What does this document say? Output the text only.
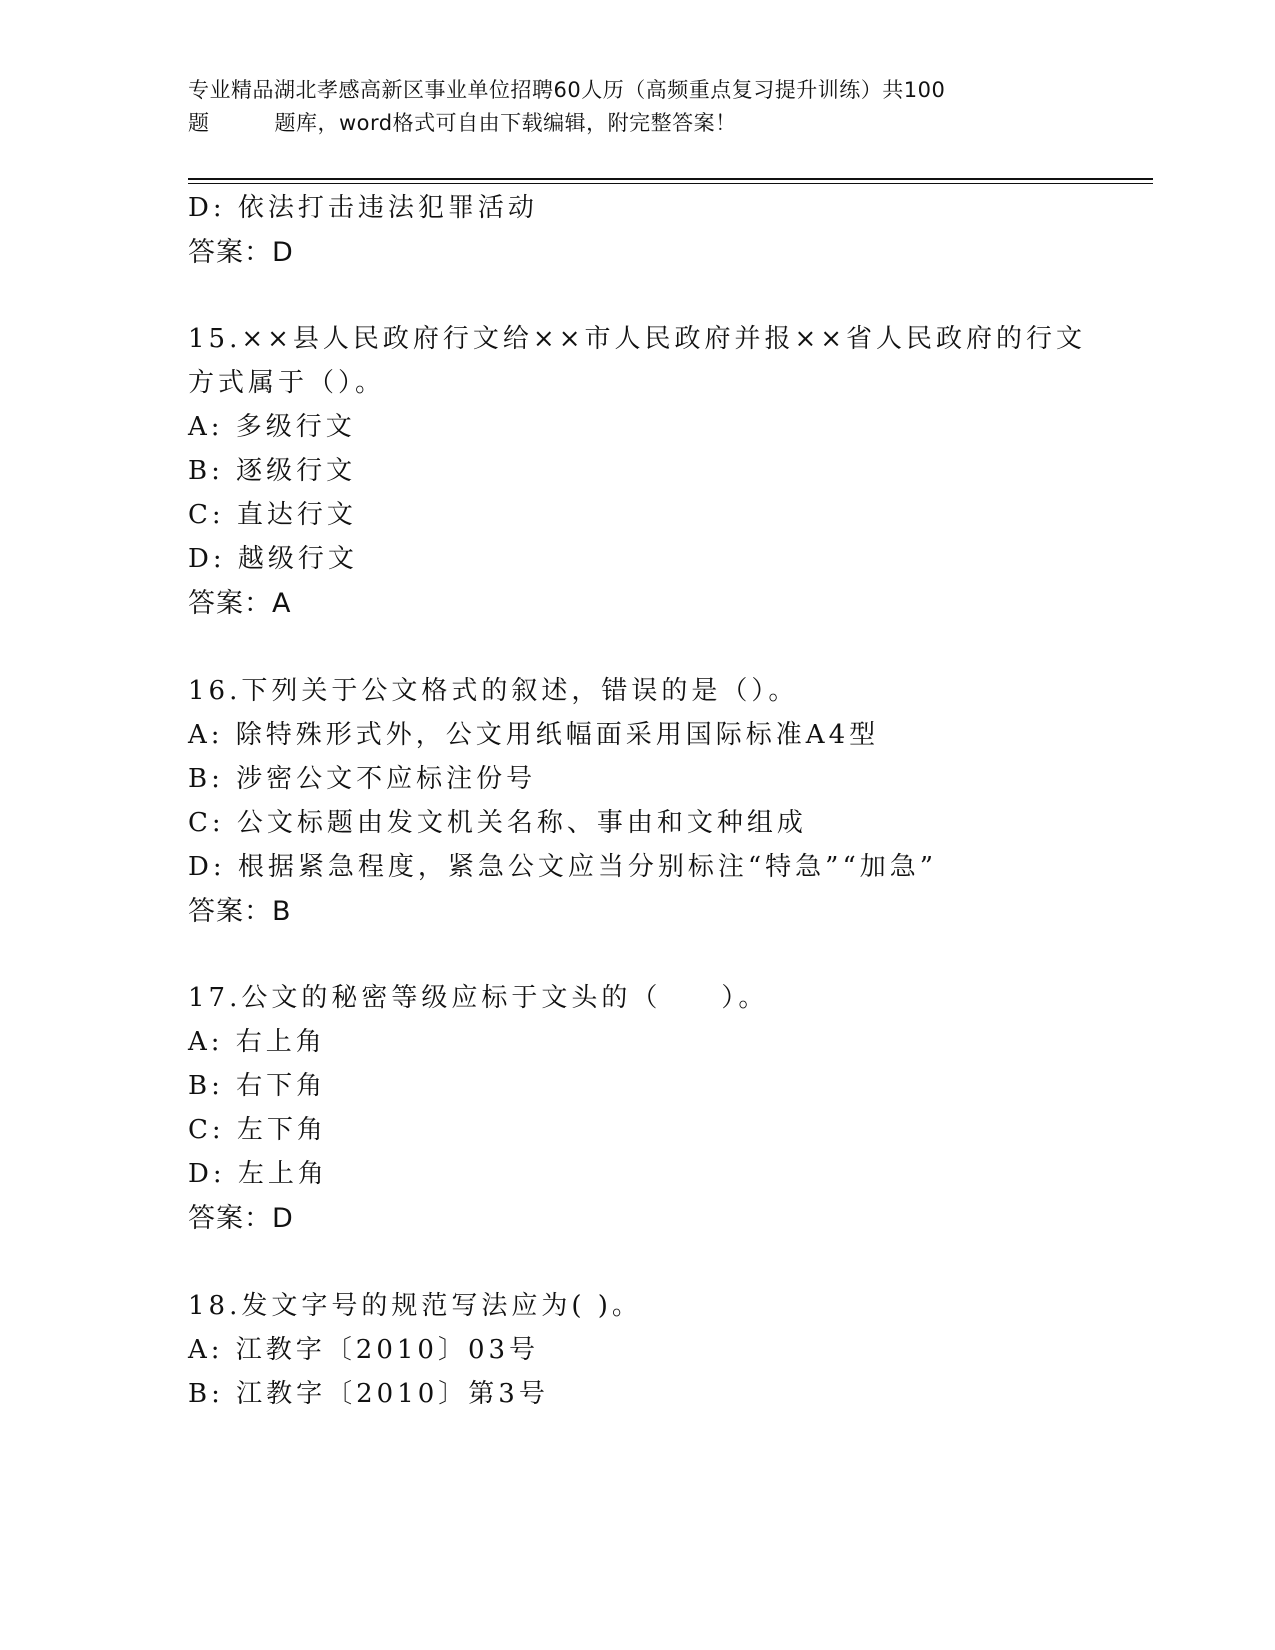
专业精品湖北孝感高新区事业单位招聘60人历（高频重点复习提升训练）共100
题	题库，word格式可自由下载编辑，附完整答案！
D: 依法打击违法犯罪活动
答案：D
15.××县人民政府行文给××市人民政府并报××省人民政府的行文
方式属于（）。
A: 多级行文
B: 逐级行文
C: 直达行文
D: 越级行文
答案：A
16.下列关于公文格式的叙述，错误的是（）。
A: 除特殊形式外，公文用纸幅面采用国际标准A4型
B: 涉密公文不应标注份号
C: 公文标题由发文机关名称、事由和文种组成
D: 根据紧急程度，紧急公文应当分别标注“特急”“加急”
答案：B
17.公文的秘密等级应标于文头的（　　）。
A: 右上角
B: 右下角
C: 左下角
D: 左上角
答案：D
18.发文字号的规范写法应为( )。
A: 江教字〔2010〕03号
B: 江教字〔2010〕第3号
